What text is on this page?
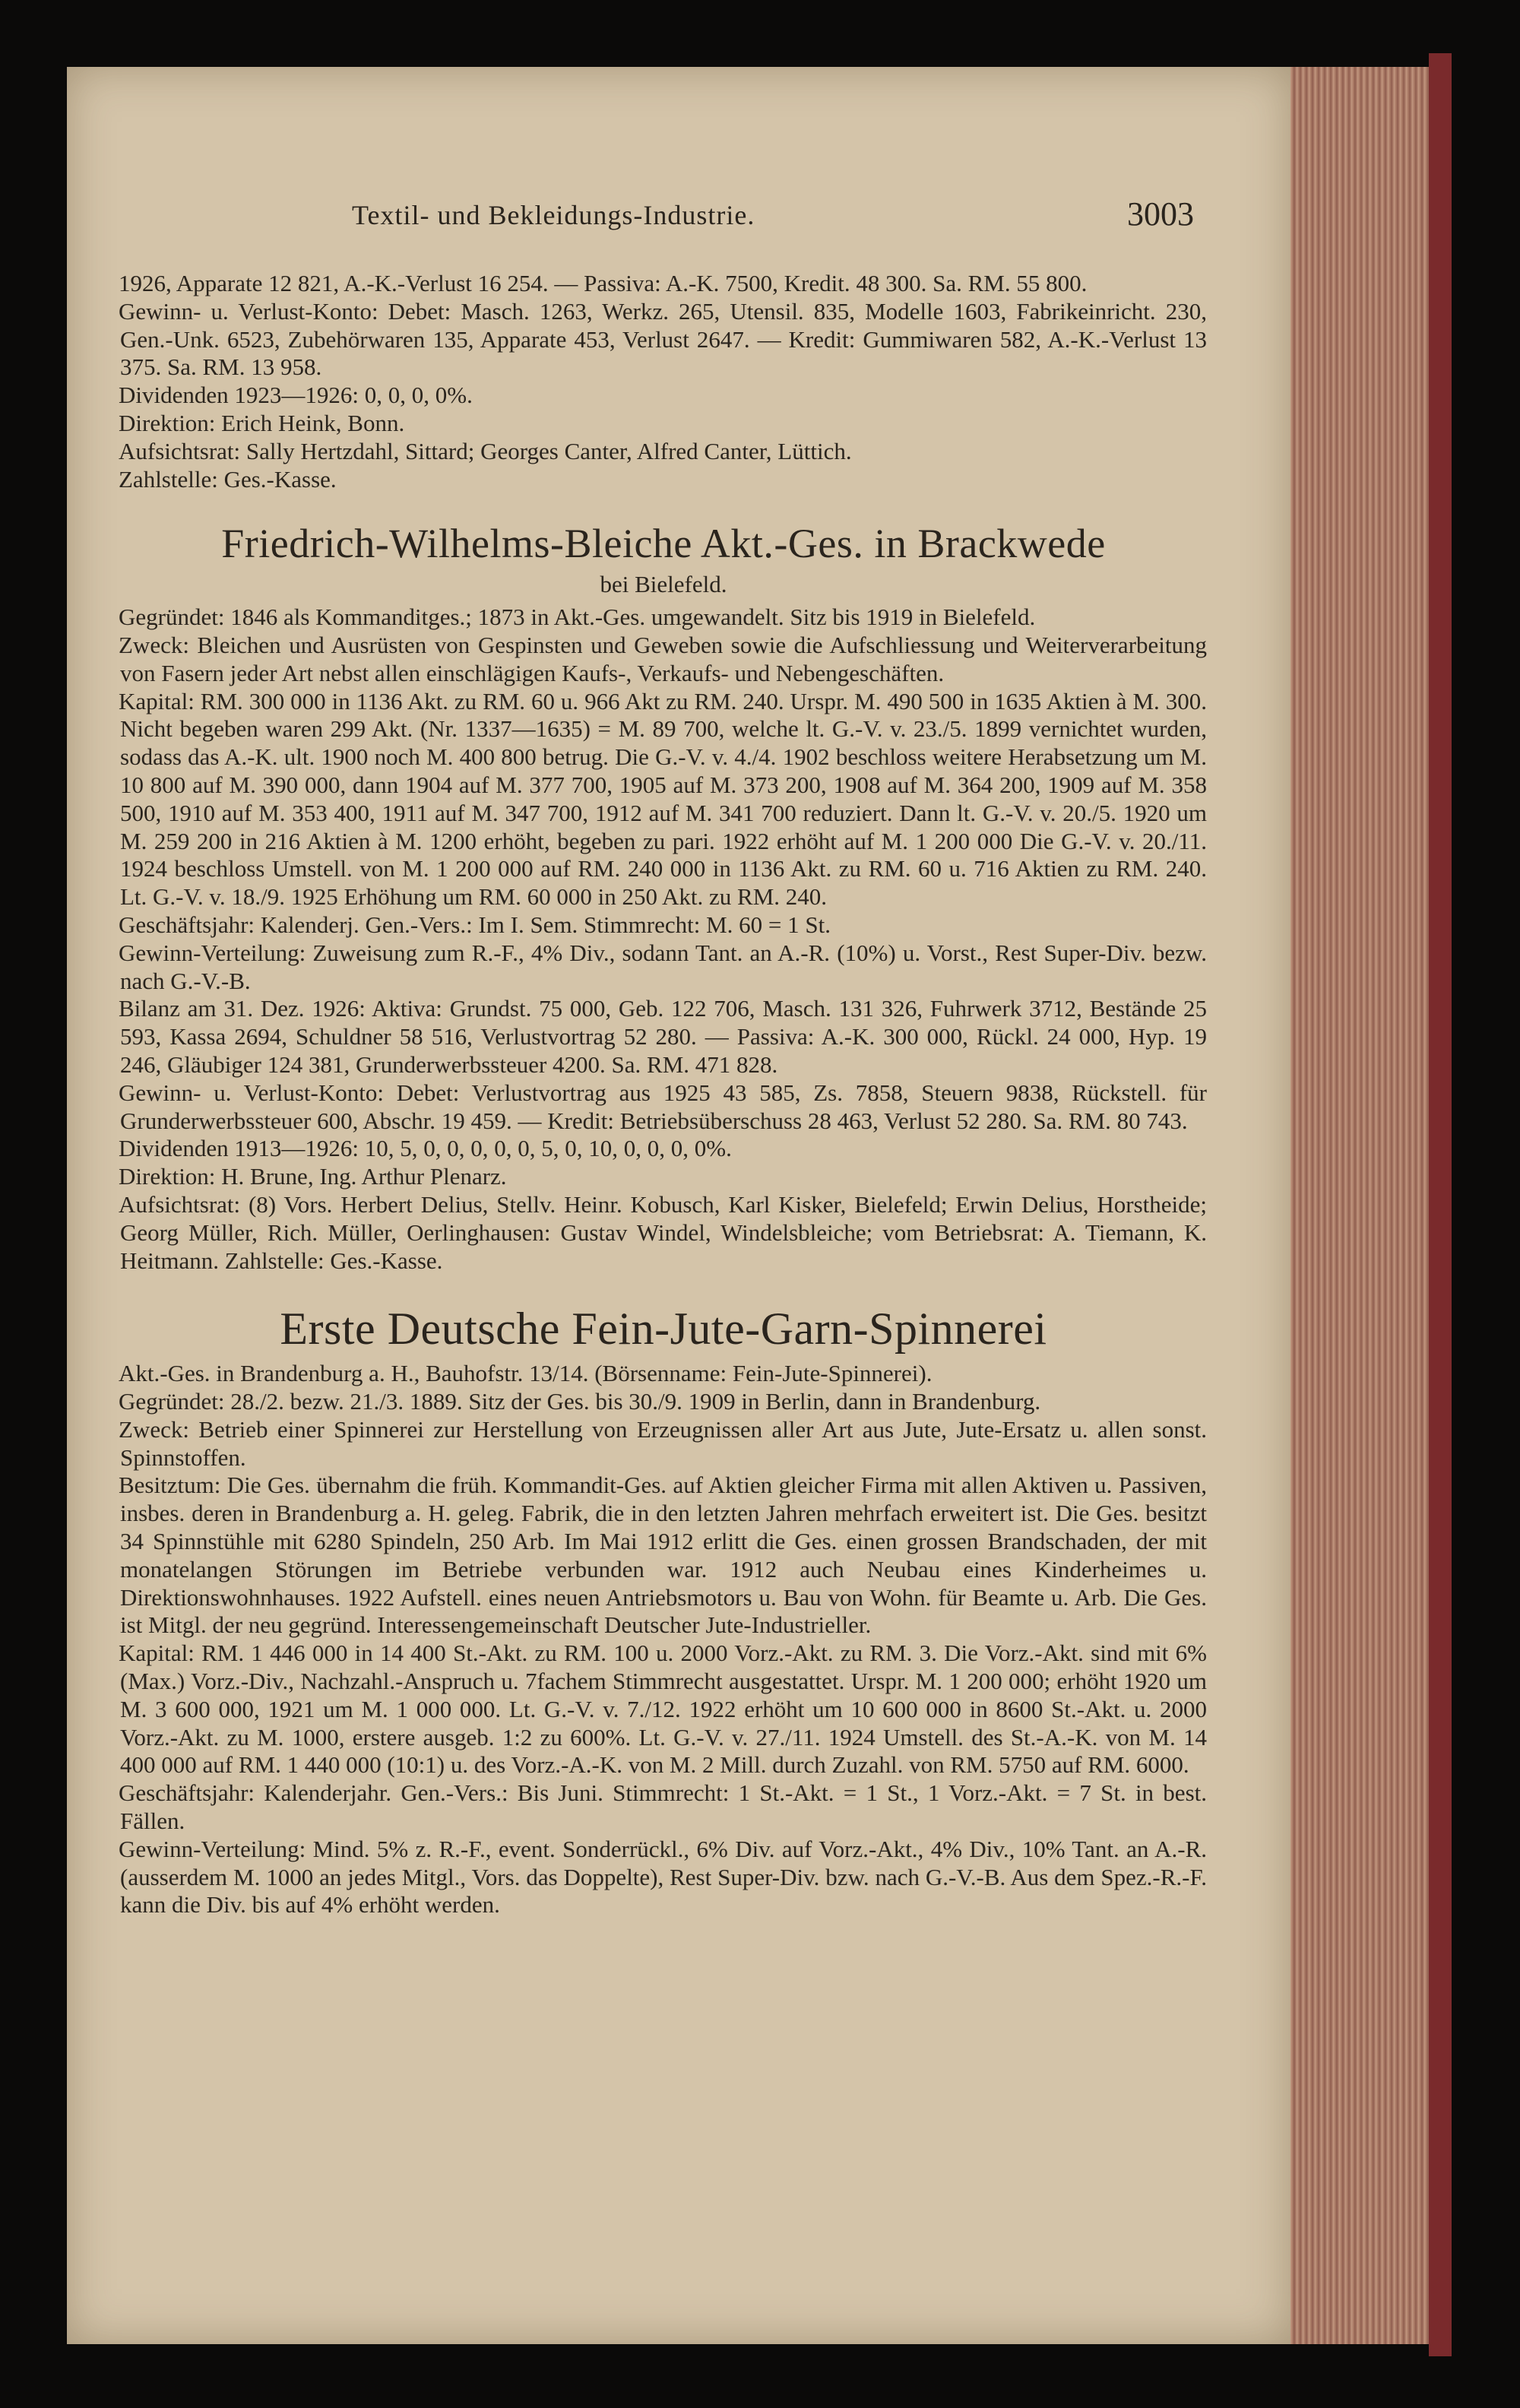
Textil- und Bekleidungs-Industrie.	3003

1926, Apparate 12 821, A.-K.-Verlust 16 254. — Passiva: A.-K. 7500, Kredit. 48 300. Sa. RM. 55 800.

Gewinn- u. Verlust-Konto: Debet: Masch. 1263, Werkz. 265, Utensil. 835, Modelle 1603, Fabrikeinricht. 230, Gen.-Unk. 6523, Zubehörwaren 135, Apparate 453, Verlust 2647. — Kredit: Gummiwaren 582, A.-K.-Verlust 13 375. Sa. RM. 13 958.

Dividenden 1923—1926: 0, 0, 0, 0%.

Direktion: Erich Heink, Bonn.

Aufsichtsrat: Sally Hertzdahl, Sittard; Georges Canter, Alfred Canter, Lüttich.

Zahlstelle: Ges.-Kasse.

Friedrich-Wilhelms-Bleiche Akt.-Ges. in Brackwede
bei Bielefeld.

Gegründet: 1846 als Kommanditges.; 1873 in Akt.-Ges. umgewandelt. Sitz bis 1919 in Bielefeld.

Zweck: Bleichen und Ausrüsten von Gespinsten und Geweben sowie die Aufschliessung und Weiterverarbeitung von Fasern jeder Art nebst allen einschlägigen Kaufs-, Verkaufs- und Nebengeschäften.

Kapital: RM. 300 000 in 1136 Akt. zu RM. 60 u. 966 Akt zu RM. 240. Urspr. M. 490 500 in 1635 Aktien à M. 300. Nicht begeben waren 299 Akt. (Nr. 1337—1635) = M. 89 700, welche lt. G.-V. v. 23./5. 1899 vernichtet wurden, sodass das A.-K. ult. 1900 noch M. 400 800 betrug. Die G.-V. v. 4./4. 1902 beschloss weitere Herabsetzung um M. 10 800 auf M. 390 000, dann 1904 auf M. 377 700, 1905 auf M. 373 200, 1908 auf M. 364 200, 1909 auf M. 358 500, 1910 auf M. 353 400, 1911 auf M. 347 700, 1912 auf M. 341 700 reduziert. Dann lt. G.-V. v. 20./5. 1920 um M. 259 200 in 216 Aktien à M. 1200 erhöht, begeben zu pari. 1922 erhöht auf M. 1 200 000 Die G.-V. v. 20./11. 1924 beschloss Umstell. von M. 1 200 000 auf RM. 240 000 in 1136 Akt. zu RM. 60 u. 716 Aktien zu RM. 240. Lt. G.-V. v. 18./9. 1925 Erhöhung um RM. 60 000 in 250 Akt. zu RM. 240.

Geschäftsjahr: Kalenderj. Gen.-Vers.: Im I. Sem. Stimmrecht: M. 60 = 1 St.

Gewinn-Verteilung: Zuweisung zum R.-F., 4% Div., sodann Tant. an A.-R. (10%) u. Vorst., Rest Super-Div. bezw. nach G.-V.-B.

Bilanz am 31. Dez. 1926: Aktiva: Grundst. 75 000, Geb. 122 706, Masch. 131 326, Fuhrwerk 3712, Bestände 25 593, Kassa 2694, Schuldner 58 516, Verlustvortrag 52 280. — Passiva: A.-K. 300 000, Rückl. 24 000, Hyp. 19 246, Gläubiger 124 381, Grunderwerbssteuer 4200. Sa. RM. 471 828.

Gewinn- u. Verlust-Konto: Debet: Verlustvortrag aus 1925 43 585, Zs. 7858, Steuern 9838, Rückstell. für Grunderwerbssteuer 600, Abschr. 19 459. — Kredit: Betriebsüberschuss 28 463, Verlust 52 280. Sa. RM. 80 743.

Dividenden 1913—1926: 10, 5, 0, 0, 0, 0, 0, 5, 0, 10, 0, 0, 0, 0%.

Direktion: H. Brune, Ing. Arthur Plenarz.

Aufsichtsrat: (8) Vors. Herbert Delius, Stellv. Heinr. Kobusch, Karl Kisker, Bielefeld; Erwin Delius, Horstheide; Georg Müller, Rich. Müller, Oerlinghausen: Gustav Windel, Windelsbleiche; vom Betriebsrat: A. Tiemann, K. Heitmann. Zahlstelle: Ges.-Kasse.

Erste Deutsche Fein-Jute-Garn-Spinnerei

Akt.-Ges. in Brandenburg a. H., Bauhofstr. 13/14. (Börsenname: Fein-Jute-Spinnerei).

Gegründet: 28./2. bezw. 21./3. 1889. Sitz der Ges. bis 30./9. 1909 in Berlin, dann in Brandenburg.

Zweck: Betrieb einer Spinnerei zur Herstellung von Erzeugnissen aller Art aus Jute, Jute-Ersatz u. allen sonst. Spinnstoffen.

Besitztum: Die Ges. übernahm die früh. Kommandit-Ges. auf Aktien gleicher Firma mit allen Aktiven u. Passiven, insbes. deren in Brandenburg a. H. geleg. Fabrik, die in den letzten Jahren mehrfach erweitert ist. Die Ges. besitzt 34 Spinnstühle mit 6280 Spindeln, 250 Arb. Im Mai 1912 erlitt die Ges. einen grossen Brandschaden, der mit monatelangen Störungen im Betriebe verbunden war. 1912 auch Neubau eines Kinderheimes u. Direktionswohnhauses. 1922 Aufstell. eines neuen Antriebsmotors u. Bau von Wohn. für Beamte u. Arb. Die Ges. ist Mitgl. der neu gegründ. Interessengemeinschaft Deutscher Jute-Industrieller.

Kapital: RM. 1 446 000 in 14 400 St.-Akt. zu RM. 100 u. 2000 Vorz.-Akt. zu RM. 3. Die Vorz.-Akt. sind mit 6% (Max.) Vorz.-Div., Nachzahl.-Anspruch u. 7fachem Stimmrecht ausgestattet. Urspr. M. 1 200 000; erhöht 1920 um M. 3 600 000, 1921 um M. 1 000 000. Lt. G.-V. v. 7./12. 1922 erhöht um 10 600 000 in 8600 St.-Akt. u. 2000 Vorz.-Akt. zu M. 1000, erstere ausgeb. 1:2 zu 600%. Lt. G.-V. v. 27./11. 1924 Umstell. des St.-A.-K. von M. 14 400 000 auf RM. 1 440 000 (10:1) u. des Vorz.-A.-K. von M. 2 Mill. durch Zuzahl. von RM. 5750 auf RM. 6000.

Geschäftsjahr: Kalenderjahr. Gen.-Vers.: Bis Juni. Stimmrecht: 1 St.-Akt. = 1 St., 1 Vorz.-Akt. = 7 St. in best. Fällen.

Gewinn-Verteilung: Mind. 5% z. R.-F., event. Sonderrückl., 6% Div. auf Vorz.-Akt., 4% Div., 10% Tant. an A.-R. (ausserdem M. 1000 an jedes Mitgl., Vors. das Doppelte), Rest Super-Div. bzw. nach G.-V.-B. Aus dem Spez.-R.-F. kann die Div. bis auf 4% erhöht werden.
